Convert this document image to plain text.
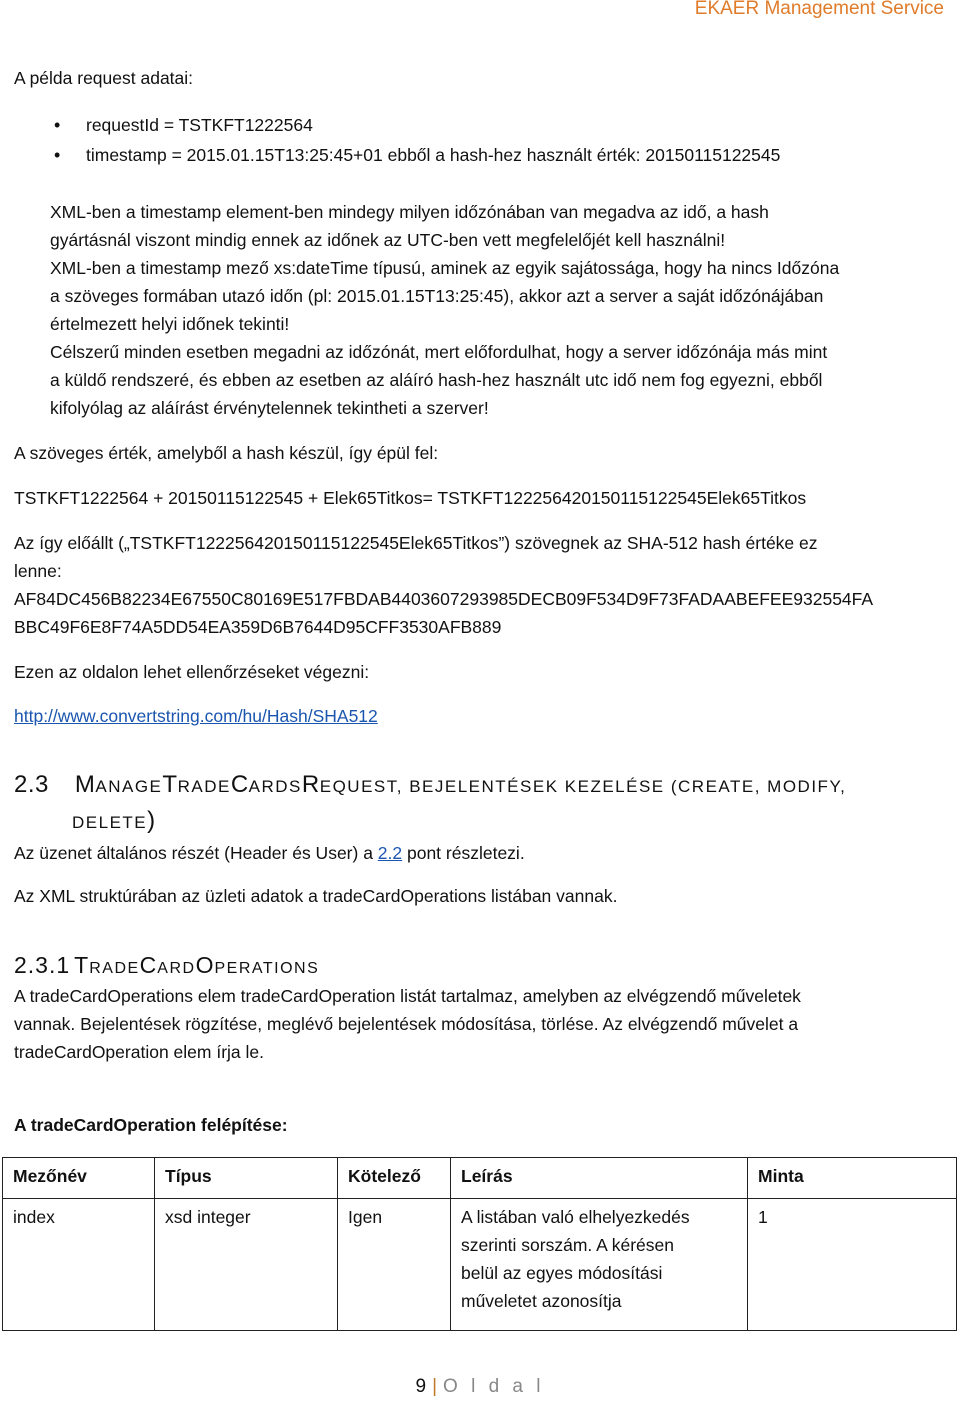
EKAER Management Service
A példa request adatai:
• requestId = TSTKFT1222564
• timestamp = 2015.01.15T13:25:45+01 ebből a hash-hez használt érték: 20150115122545
XML-ben a timestamp element-ben mindegy milyen időzónában van megadva az idő, a hash
gyártásnál viszont mindig ennek az időnek az UTC-ben vett megfelelőjét kell használni!
XML-ben a timestamp mező xs:dateTime típusú, aminek az egyik sajátossága, hogy ha nincs Időzóna
a szöveges formában utazó időn (pl: 2015.01.15T13:25:45), akkor azt a server a saját időzónájában
értelmezett helyi időnek tekinti!
Célszerű minden esetben megadni az időzónát, mert előfordulhat, hogy a server időzónája más mint
a küldő rendszeré, és ebben az esetben az aláíró hash-hez használt utc idő nem fog egyezni, ebből
kifolyólag az aláírást érvénytelennek tekintheti a szerver!
A szöveges érték, amelyből a hash készül, így épül fel:
TSTKFT1222564 + 20150115122545 + Elek65Titkos= TSTKFT122256420150115122545Elek65Titkos
Az így előállt („TSTKFT122256420150115122545Elek65Titkos”) szövegnek az SHA-512 hash értéke ez
lenne:
AF84DC456B82234E67550C80169E517FBDAB4403607293985DECB09F534D9F73FADAABEFEE932554FA
BBC49F6E8F74A5DD54EA359D6B7644D95CFF3530AFB889
Ezen az oldalon lehet ellenőrzéseket végezni:
http://www.convertstring.com/hu/Hash/SHA512
2.3 MANAGETRADECARDSREQUEST, BEJELENTÉSEK KEZELÉSE (CREATE, MODIFY,
DELETE)
Az üzenet általános részét (Header és User) a 2.2 pont részletezi.
Az XML struktúrában az üzleti adatok a tradeCardOperations listában vannak.
2.3.1 TRADECARDOPERATIONS
A tradeCardOperations elem tradeCardOperation listát tartalmaz, amelyben az elvégzendő műveletek
vannak. Bejelentések rögzítése, meglévő bejelentések módosítása, törlése. Az elvégzendő művelet a
tradeCardOperation elem írja le.
A tradeCardOperation felépítése:
Mezőnév	Típus	Kötelező	Leírás	Minta
index	xsd integer	Igen	A listában való elhelyezkedés
szerinti sorszám. A kérésen
belül az egyes módosítási
műveletet azonosítja	1
9 | O l d a l
